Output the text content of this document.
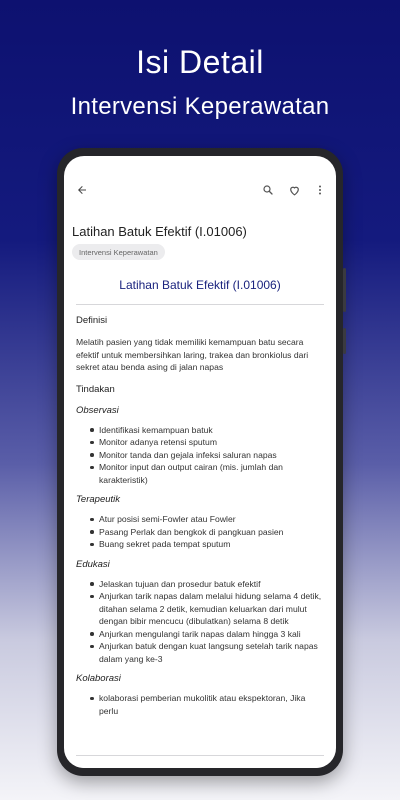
Isi Detail
Intervensi Keperawatan
Latihan Batuk Efektif (I.01006)
Intervensi Keperawatan
Latihan Batuk Efektif (I.01006)
Definisi
Melatih pasien yang tidak memiliki kemampuan batu secara efektif untuk membersihkan laring, trakea dan bronkiolus dari sekret atau benda asing di jalan napas
Tindakan
Observasi
Identifikasi kemampuan batuk
Monitor adanya retensi sputum
Monitor tanda dan gejala infeksi saluran napas
Monitor input dan output cairan (mis. jumlah dan karakteristik)
Terapeutik
Atur posisi semi-Fowler atau Fowler
Pasang Perlak dan bengkok di pangkuan pasien
Buang sekret pada tempat sputum
Edukasi
Jelaskan tujuan dan prosedur batuk efektif
Anjurkan tarik napas dalam melalui hidung selama 4 detik, ditahan selama 2 detik, kemudian keluarkan dari mulut dengan bibir mencucu (dibulatkan) selama 8 detik
Anjurkan mengulangi tarik napas dalam hingga 3 kali
Anjurkan batuk dengan kuat langsung setelah tarik napas dalam yang ke-3
Kolaborasi
kolaborasi pemberian mukolitik atau ekspektoran, Jika perlu
